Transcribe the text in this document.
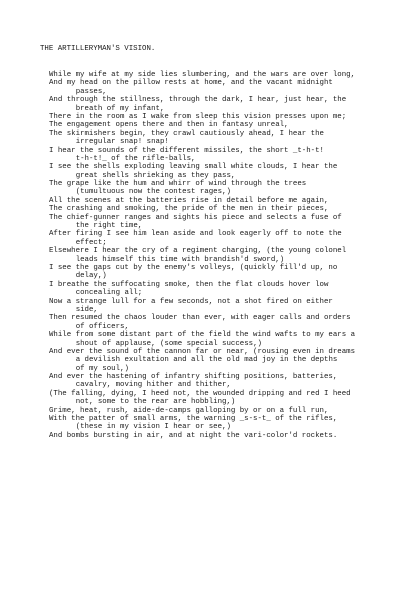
THE ARTILLERYMAN'S VISION.
While my wife at my side lies slumbering, and the wars are over long,
And my head on the pillow rests at home, and the vacant midnight
passes,
And through the stillness, through the dark, I hear, just hear, the
breath of my infant,
There in the room as I wake from sleep this vision presses upon me;
The engagement opens there and then in fantasy unreal,
The skirmishers begin, they crawl cautiously ahead, I hear the
irregular snap! snap!
I hear the sounds of the different missiles, the short _t-h-t!
t-h-t!_ of the rifle-balls,
I see the shells exploding leaving small white clouds, I hear the
great shells shrieking as they pass,
The grape like the hum and whirr of wind through the trees
(tumultuous now the contest rages,)
All the scenes at the batteries rise in detail before me again,
The crashing and smoking, the pride of the men in their pieces,
The chief-gunner ranges and sights his piece and selects a fuse of
the right time,
After firing I see him lean aside and look eagerly off to note the
effect;
Elsewhere I hear the cry of a regiment charging, (the young colonel
leads himself this time with brandish'd sword,)
I see the gaps cut by the enemy's volleys, (quickly fill'd up, no
delay,)
I breathe the suffocating smoke, then the flat clouds hover low
concealing all;
Now a strange lull for a few seconds, not a shot fired on either
side,
Then resumed the chaos louder than ever, with eager calls and orders
of officers,
While from some distant part of the field the wind wafts to my ears a
shout of applause, (some special success,)
And ever the sound of the cannon far or near, (rousing even in dreams
a devilish exultation and all the old mad joy in the depths
of my soul,)
And ever the hastening of infantry shifting positions, batteries,
cavalry, moving hither and thither,
(The falling, dying, I heed not, the wounded dripping and red I heed
not, some to the rear are hobbling,)
Grime, heat, rush, aide-de-camps galloping by or on a full run,
With the patter of small arms, the warning _s-s-t_ of the rifles,
(these in my vision I hear or see,)
And bombs bursting in air, and at night the vari-color'd rockets.
